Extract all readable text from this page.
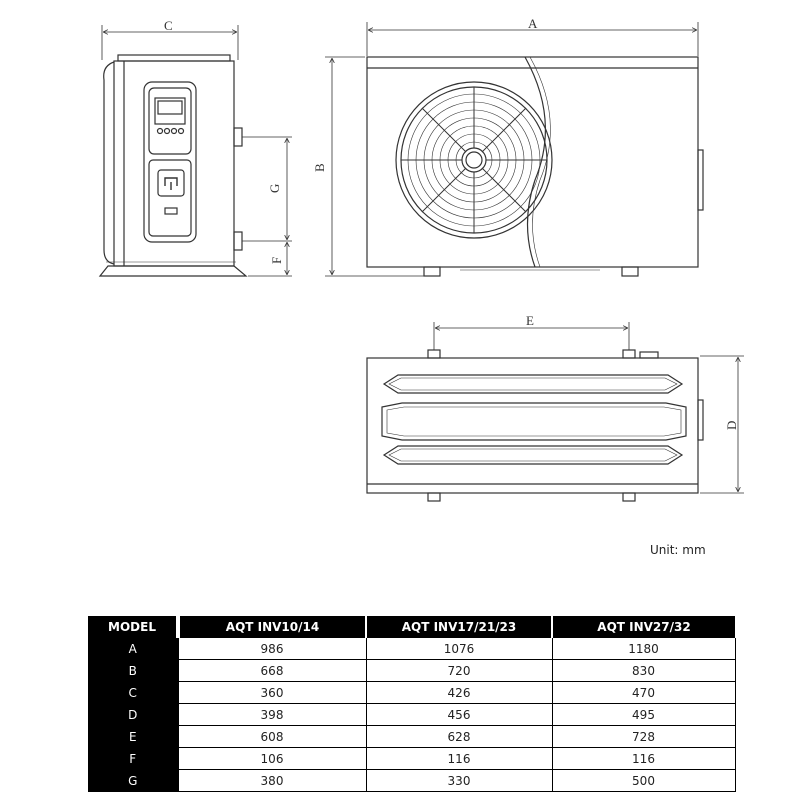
C
G
F
A
B
E
D
Unit: mm
MODEL	AQT INV10/14	AQT INV17/21/23	AQT INV27/32
A	986	1076	1180
B	668	720	830
C	360	426	470
D	398	456	495
E	608	628	728
F	106	116	116
G	380	330	500
